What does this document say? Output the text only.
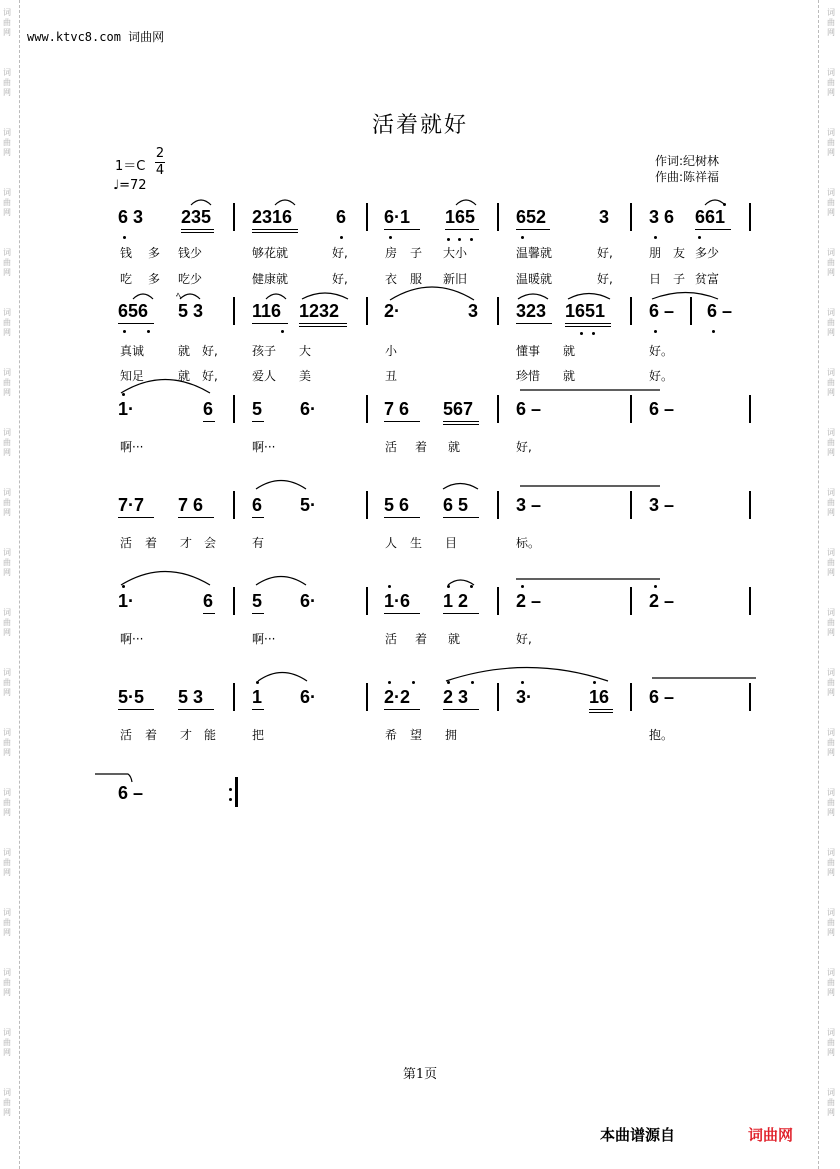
词
曲
网
词
曲
网
词
曲
网
词
曲
网
词
曲
网
词
曲
网
词
曲
网
词
曲
网
词
曲
网
词
曲
网
词
曲
网
词
曲
网
词
曲
网
词
曲
网
词
曲
网
词
曲
网
词
曲
网
词
曲
网
词
曲
网
词
曲
网
词
曲
网
词
曲
网
词
曲
网
词
曲
网
词
曲
网
词
曲
网
词
曲
网
词
曲
网
词
曲
网
词
曲
网
词
曲
网
词
曲
网
词
曲
网
词
曲
网
词
曲
网
词
曲
网
词
曲
网
词
曲
网
www.ktvc8.com 词曲网
活着就好
1＝C
2
4
♩=72
作词:纪树林
作曲:陈祥福
6 3 235 2316 6 6·1 165 652	3 3 6 661
钱 多 钱少	够花就	好,	房 子 大小	温馨就	好,	朋 友 多少
吃 多 吃少	健康就	好,	衣 服 新旧	温暖就	好,	日 子 贫富
656 5 3	116 1232 2·	3 323 1651 6 – 6 –
真诚	就 好,	孩子 大	小	懂事 就	好。
知足	就 好,	爱人 美	丑	珍惜 就	好。
1·	6 5 6·	7 6 567 6 –	6 –
啊···	啊···	活 着 就	好,
7·7 7 6	6 5·	5 6 6 5	3 –	3 –
活 着 才 会	有	人 生 目	标。
1·	6 5 6·	1·6 1 2	2 –	2 –
啊···	啊···	活 着 就	好,
5·5 5 3	1 6·	2·2 2 3	3·	16 6 –
活 着 才 能	把	希 望 拥	抱。
6 –
ﾍ
第1页
本曲谱源自	词曲网
